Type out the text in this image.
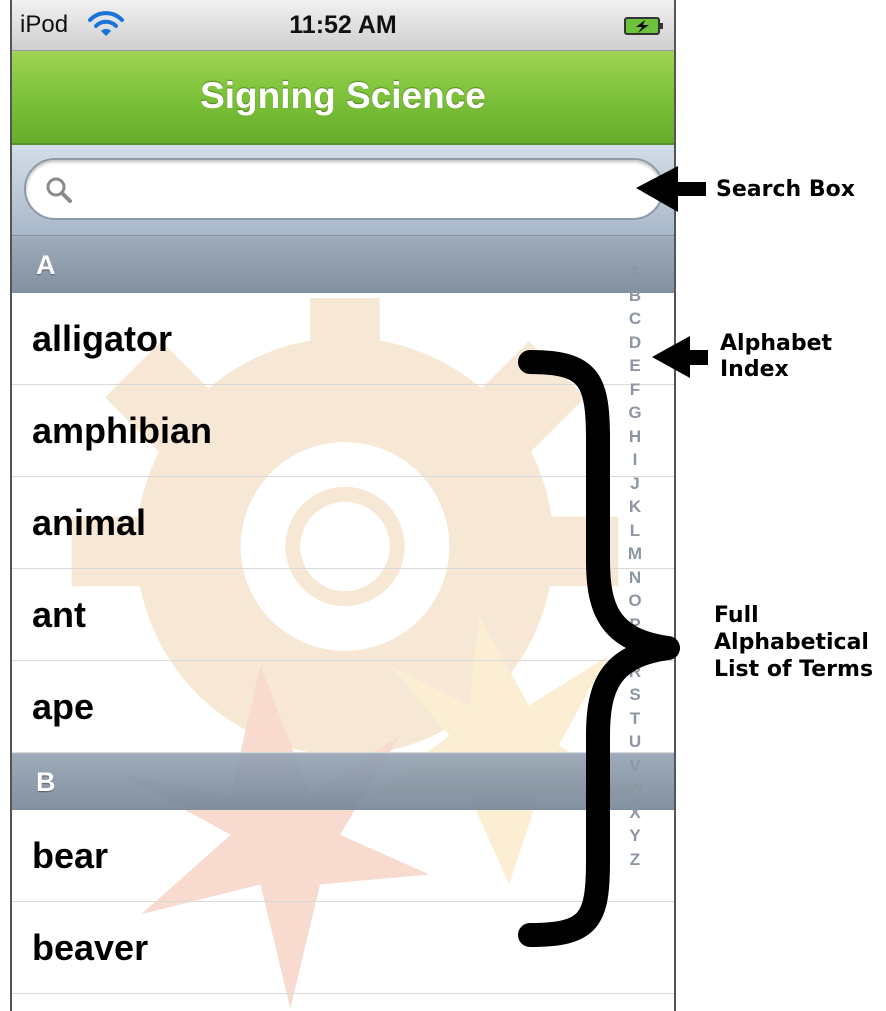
iPod	11:52 AM
Signing Science
A
alligator
amphibian
animal
ant
ape
B
bear
beaver
A
B
C
D
E
F
G
H
I
J
K
L
M
N
O
P
Q
R
S
T
U
V
W
X
Y
Z
Search Box
Alphabet
Index
Full
Alphabetical
List of Terms
